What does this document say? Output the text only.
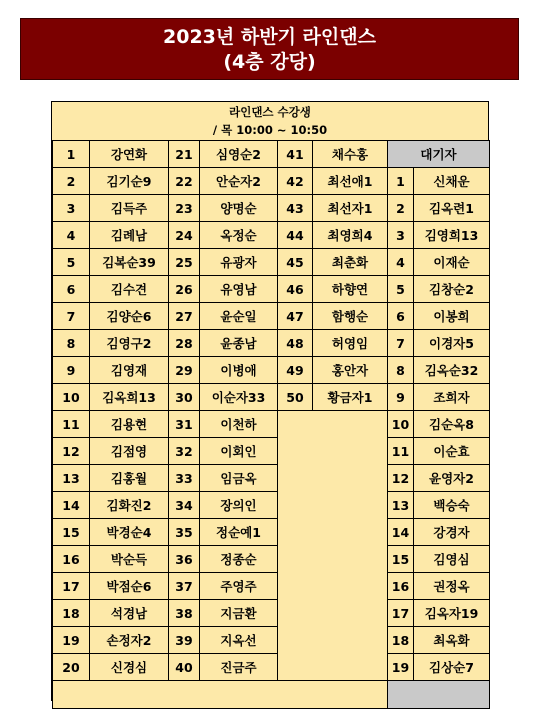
2023년 하반기 라인댄스
(4층 강당)
라인댄스 수강생
/ 목 10:00 ~ 10:50
1	강연화	21	심영순2	41	채수홍	대기자	
2	김기순9	22	안순자2	42	최선애1	1	신채운
3	김득주	23	양명순	43	최선자1	2	김옥련1
4	김례남	24	옥정순	44	최영희4	3	김영희13
5	김복순39	25	유광자	45	최춘화	4	이재순
6	김수견	26	유영남	46	하향연	5	김창순2
7	김양순6	27	윤순일	47	함행순	6	이봉희
8	김영구2	28	윤종남	48	허영임	7	이경자5
9	김영재	29	이병애	49	홍안자	8	김옥순32
10	김옥희13	30	이순자33	50	황금자1	9	조희자
11	김용현	31	이천하			10	김순옥8
12	김점영	32	이회인			11	이순효
13	김홍월	33	임금옥			12	윤영자2
14	김화진2	34	장의인			13	백승숙
15	박경순4	35	정순예1			14	강경자
16	박순득	36	정종순			15	김영심
17	박점순6	37	주영주			16	권정옥
18	석경남	38	지금환			17	김옥자19
19	손정자2	39	지옥선			18	최옥화
20	신경심	40	진금주			19	김상순7
